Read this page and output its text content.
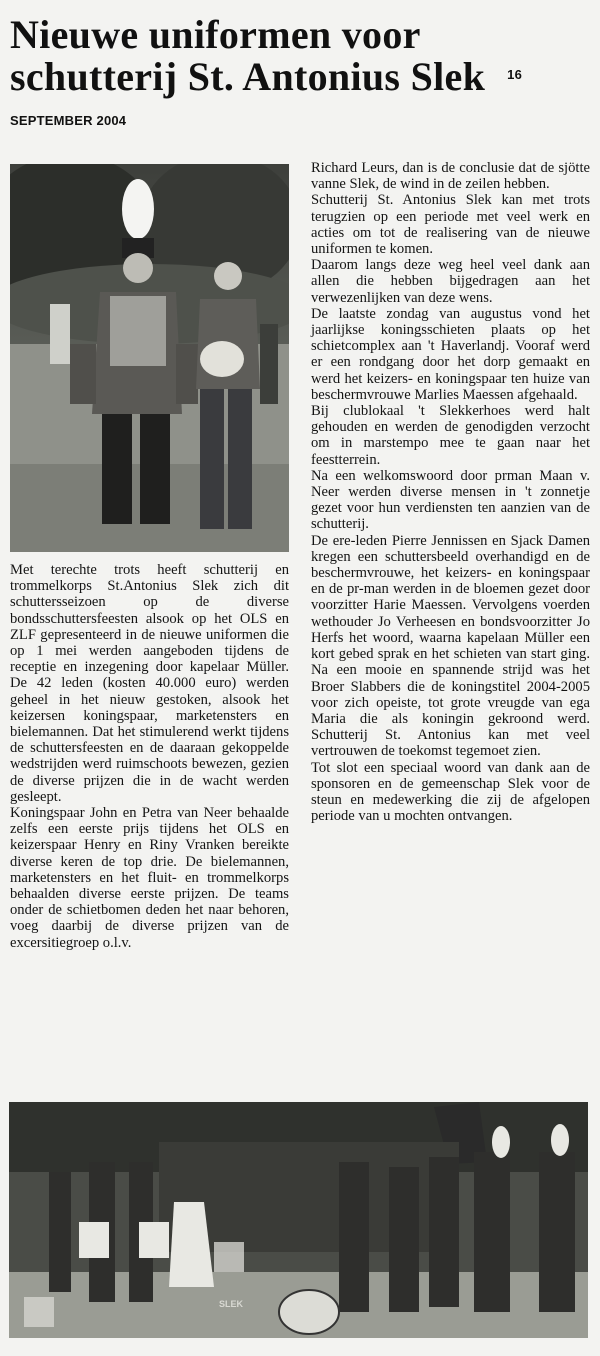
Nieuwe uniformen voor schutterij St. Antonius Slek 16 SEPTEMBER 2004

Met terechte trots heeft schutterij en trommelkorps St.Antonius Slek zich dit schuttersseizoen op de diverse bondsschuttersfeesten alsook op het OLS en ZLF gepresenteerd in de nieuwe uniformen die op 1 mei werden aangeboden tijdens de receptie en inzegening door kapelaar Müller. De 42 leden (kosten 40.000 euro) werden geheel in het nieuw gestoken, alsook het keizersen koningspaar, marketensters en bielemannen. Dat het stimulerend werkt tijdens de schuttersfeesten en de daaraan gekoppelde wedstrijden werd ruimschoots bewezen, gezien de diverse prijzen die in de wacht werden gesleept.

Koningspaar John en Petra van Neer behaalde zelfs een eerste prijs tijdens het OLS en keizerspaar Henry en Riny Vranken bereikte diverse keren de top drie. De bielemannen, marketensters en het fluit- en trommelkorps behaalden diverse eerste prijzen. De teams onder de schietbomen deden het naar behoren, voeg daarbij de diverse prijzen van de excersitiegroep o.l.v.

Richard Leurs, dan is de conclusie dat de sjötte vanne Slek, de wind in de zeilen hebben.

Schutterij St. Antonius Slek kan met trots terugzien op een periode met veel werk en acties om tot de realisering van de nieuwe uniformen te komen.

Daarom langs deze weg heel veel dank aan allen die hebben bijgedragen aan het verwezenlijken van deze wens.

De laatste zondag van augustus vond het jaarlijkse koningsschieten plaats op het schietcomplex aan 't Haverlandj. Vooraf werd er een rondgang door het dorp gemaakt en werd het keizers- en koningspaar ten huize van beschermvrouwe Marlies Maessen afgehaald.

Bij clublokaal 't Slekkerhoes werd halt gehouden en werden de genodigden verzocht om in marstempo mee te gaan naar het feestterrein.

Na een welkomswoord door prman Maan v. Neer werden diverse mensen in 't zonnetje gezet voor hun verdiensten ten aanzien van de schutterij.

De ere-leden Pierre Jennissen en Sjack Damen kregen een schuttersbeeld overhandigd en de beschermvrouwe, het keizers- en koningspaar en de pr-man werden in de bloemen gezet door voorzitter Harie Maessen. Vervolgens voerden wethouder Jo Verheesen en bondsvoorzitter Jo Herfs het woord, waarna kapelaan Müller een kort gebed sprak en het schieten van start ging. Na een mooie en spannende strijd was het Broer Slabbers die de koningstitel 2004-2005 voor zich opeiste, tot grote vreugde van ega Maria die als koningin gekroond werd. Schutterij St. Antonius kan met veel vertrouwen de toekomst tegemoet zien.

Tot slot een speciaal woord van dank aan de sponsoren en de gemeenschap Slek voor de steun en medewerking die zij de afgelopen periode van u mochten ontvangen.

SLEK
